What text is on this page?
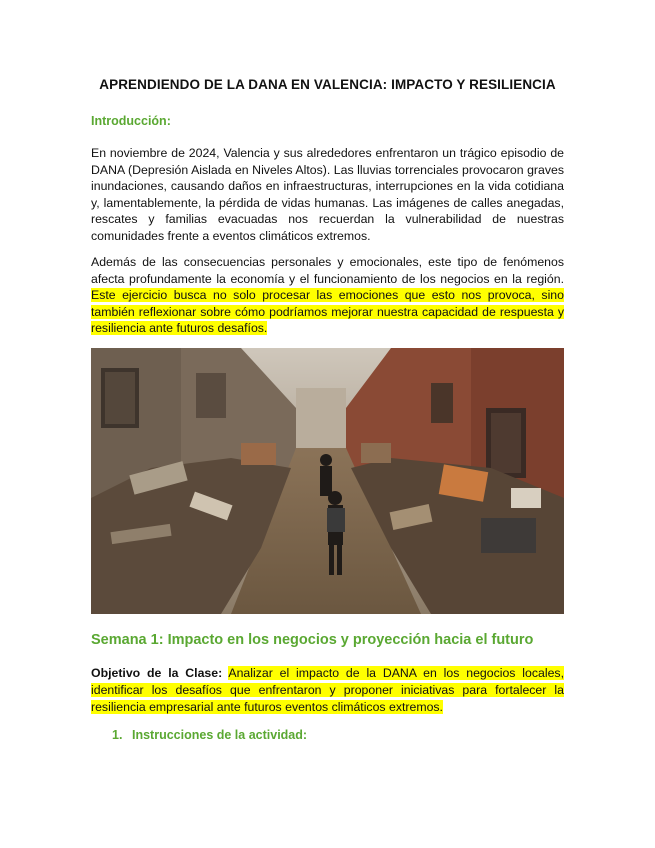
APRENDIENDO DE LA DANA EN VALENCIA: IMPACTO Y RESILIENCIA
Introducción:
En noviembre de 2024, Valencia y sus alrededores enfrentaron un trágico episodio de DANA (Depresión Aislada en Niveles Altos). Las lluvias torrenciales provocaron graves inundaciones, causando daños en infraestructuras, interrupciones en la vida cotidiana y, lamentablemente, la pérdida de vidas humanas. Las imágenes de calles anegadas, rescates y familias evacuadas nos recuerdan la vulnerabilidad de nuestras comunidades frente a eventos climáticos extremos.
Además de las consecuencias personales y emocionales, este tipo de fenómenos afecta profundamente la economía y el funcionamiento de los negocios en la región. Este ejercicio busca no solo procesar las emociones que esto nos provoca, sino también reflexionar sobre cómo podríamos mejorar nuestra capacidad de respuesta y resiliencia ante futuros desafíos.
Semana 1: Impacto en los negocios y proyección hacia el futuro
Objetivo de la Clase: Analizar el impacto de la DANA en los negocios locales, identificar los desafíos que enfrentaron y proponer iniciativas para fortalecer la resiliencia empresarial ante futuros eventos climáticos extremos.
1. Instrucciones de la actividad:
